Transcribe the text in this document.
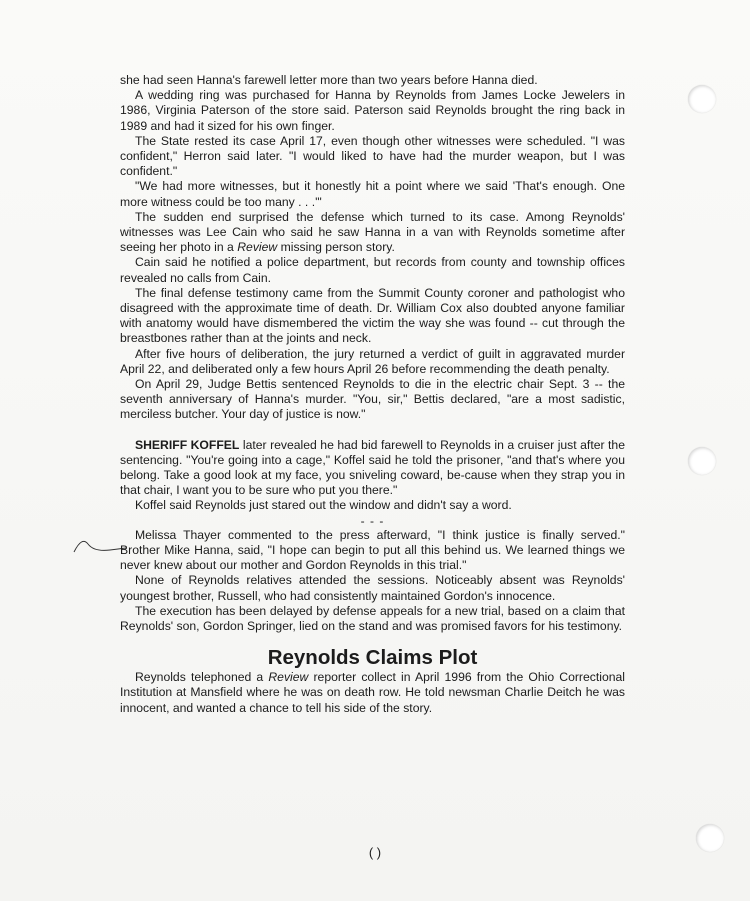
she had seen Hanna's farewell letter more than two years before Hanna died.

A wedding ring was purchased for Hanna by Reynolds from James Locke Jewelers in 1986, Virginia Paterson of the store said. Paterson said Reynolds brought the ring back in 1989 and had it sized for his own finger.

The State rested its case April 17, even though other witnesses were scheduled. "I was confident," Herron said later. "I would liked to have had the murder weapon, but I was confident."

"We had more witnesses, but it honestly hit a point where we said 'That's enough. One more witness could be too many . . .'"

The sudden end surprised the defense which turned to its case. Among Reynolds' witnesses was Lee Cain who said he saw Hanna in a van with Reynolds sometime after seeing her photo in a Review missing person story.

Cain said he notified a police department, but records from county and township offices revealed no calls from Cain.

The final defense testimony came from the Summit County coroner and pathologist who disagreed with the approximate time of death. Dr. William Cox also doubted anyone familiar with anatomy would have dismembered the victim the way she was found -- cut through the breastbones rather than at the joints and neck.

After five hours of deliberation, the jury returned a verdict of guilt in aggravated murder April 22, and deliberated only a few hours April 26 before recommending the death penalty.

On April 29, Judge Bettis sentenced Reynolds to die in the electric chair Sept. 3 -- the seventh anniversary of Hanna's murder. "You, sir," Bettis declared, "are a most sadistic, merciless butcher. Your day of justice is now."

SHERIFF KOFFEL later revealed he had bid farewell to Reynolds in a cruiser just after the sentencing. "You're going into a cage," Koffel said he told the prisoner, "and that's where you belong. Take a good look at my face, you sniveling coward, be-cause when they strap you in that chair, I want you to be sure who put you there."

Koffel said Reynolds just stared out the window and didn't say a word.

- - -

Melissa Thayer commented to the press afterward, "I think justice is finally served." Brother Mike Hanna, said, "I hope can begin to put all this behind us. We learned things we never knew about our mother and Gordon Reynolds in this trial."

None of Reynolds relatives attended the sessions. Noticeably absent was Reynolds' youngest brother, Russell, who had consistently maintained Gordon's innocence.

The execution has been delayed by defense appeals for a new trial, based on a claim that Reynolds' son, Gordon Springer, lied on the stand and was promised favors for his testimony.

Reynolds Claims Plot

Reynolds telephoned a Review reporter collect in April 1996 from the Ohio Correctional Institution at Mansfield where he was on death row. He told newsman Charlie Deitch he was innocent, and wanted a chance to tell his side of the story.

( )
